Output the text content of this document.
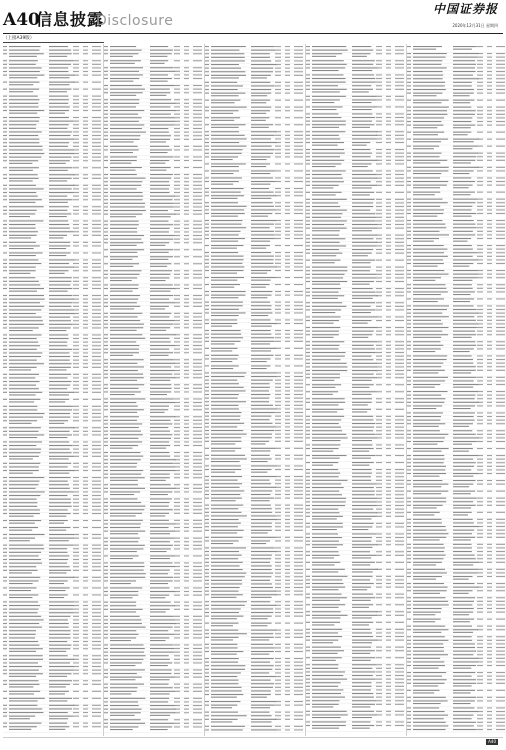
A40
信息披露
Disclosure
中国证券报
2020年12月31日 星期四
（上接A39版）
A40
